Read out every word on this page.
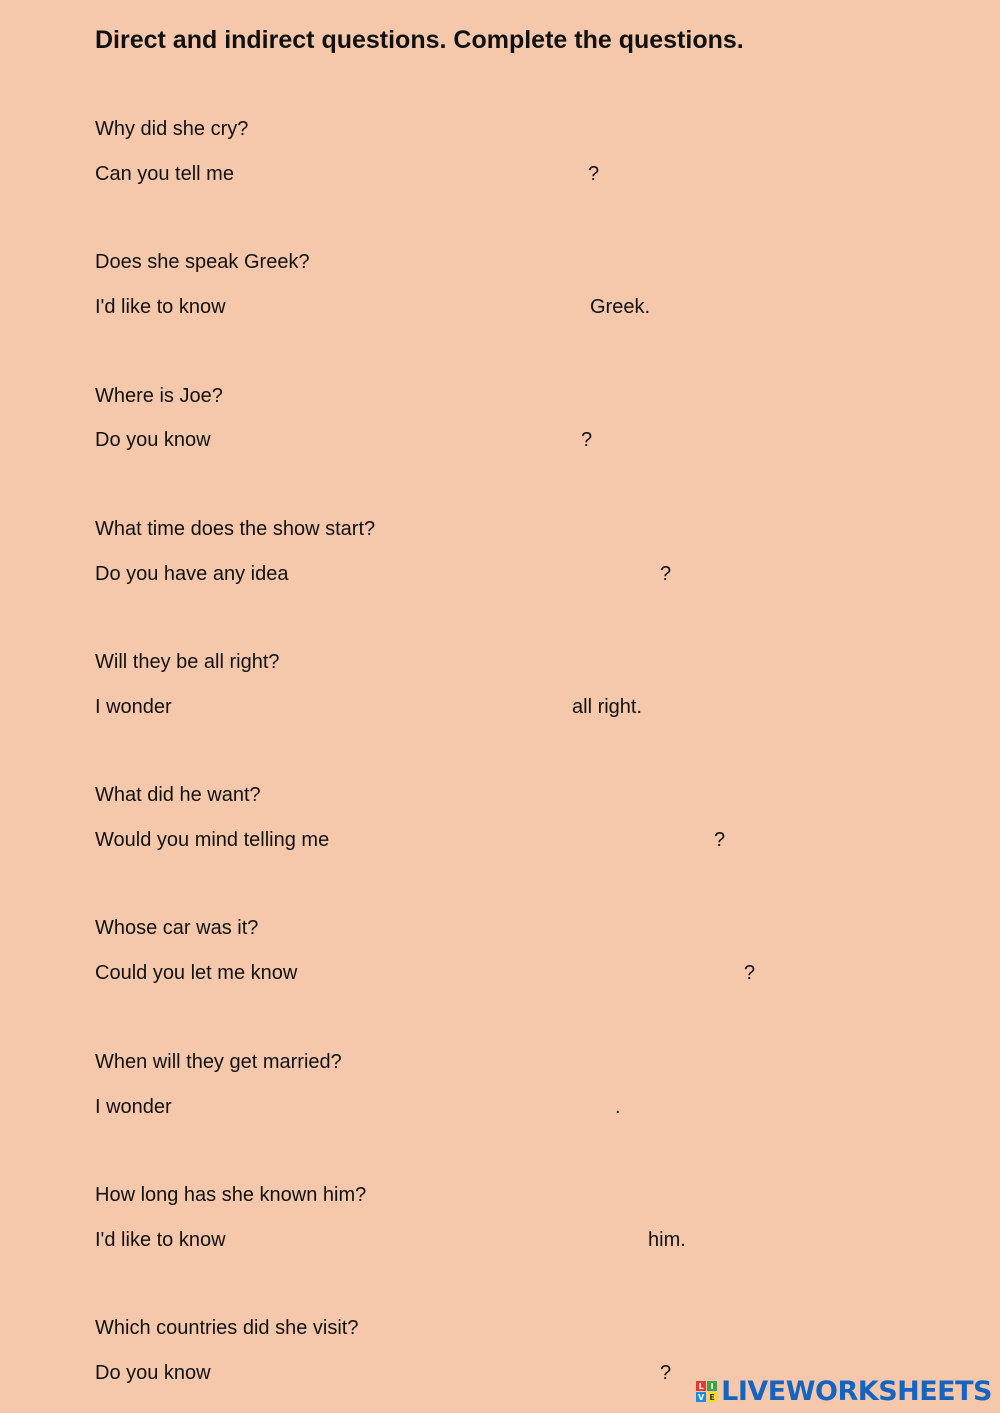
Direct and indirect questions. Complete the questions.
Why did she cry?
Can you tell me	?
Does she speak Greek?
I'd like to know	Greek.
Where is Joe?
Do you know	?
What time does the show start?
Do you have any idea	?
Will they be all right?
I wonder	all right.
What did he want?
Would you mind telling me	?
Whose car was it?
Could you let me know	?
When will they get married?
I wonder	.
How long has she known him?
I'd like to know	him.
Which countries did she visit?
Do you know	?
L I
V E LIVEWORKSHEETS
